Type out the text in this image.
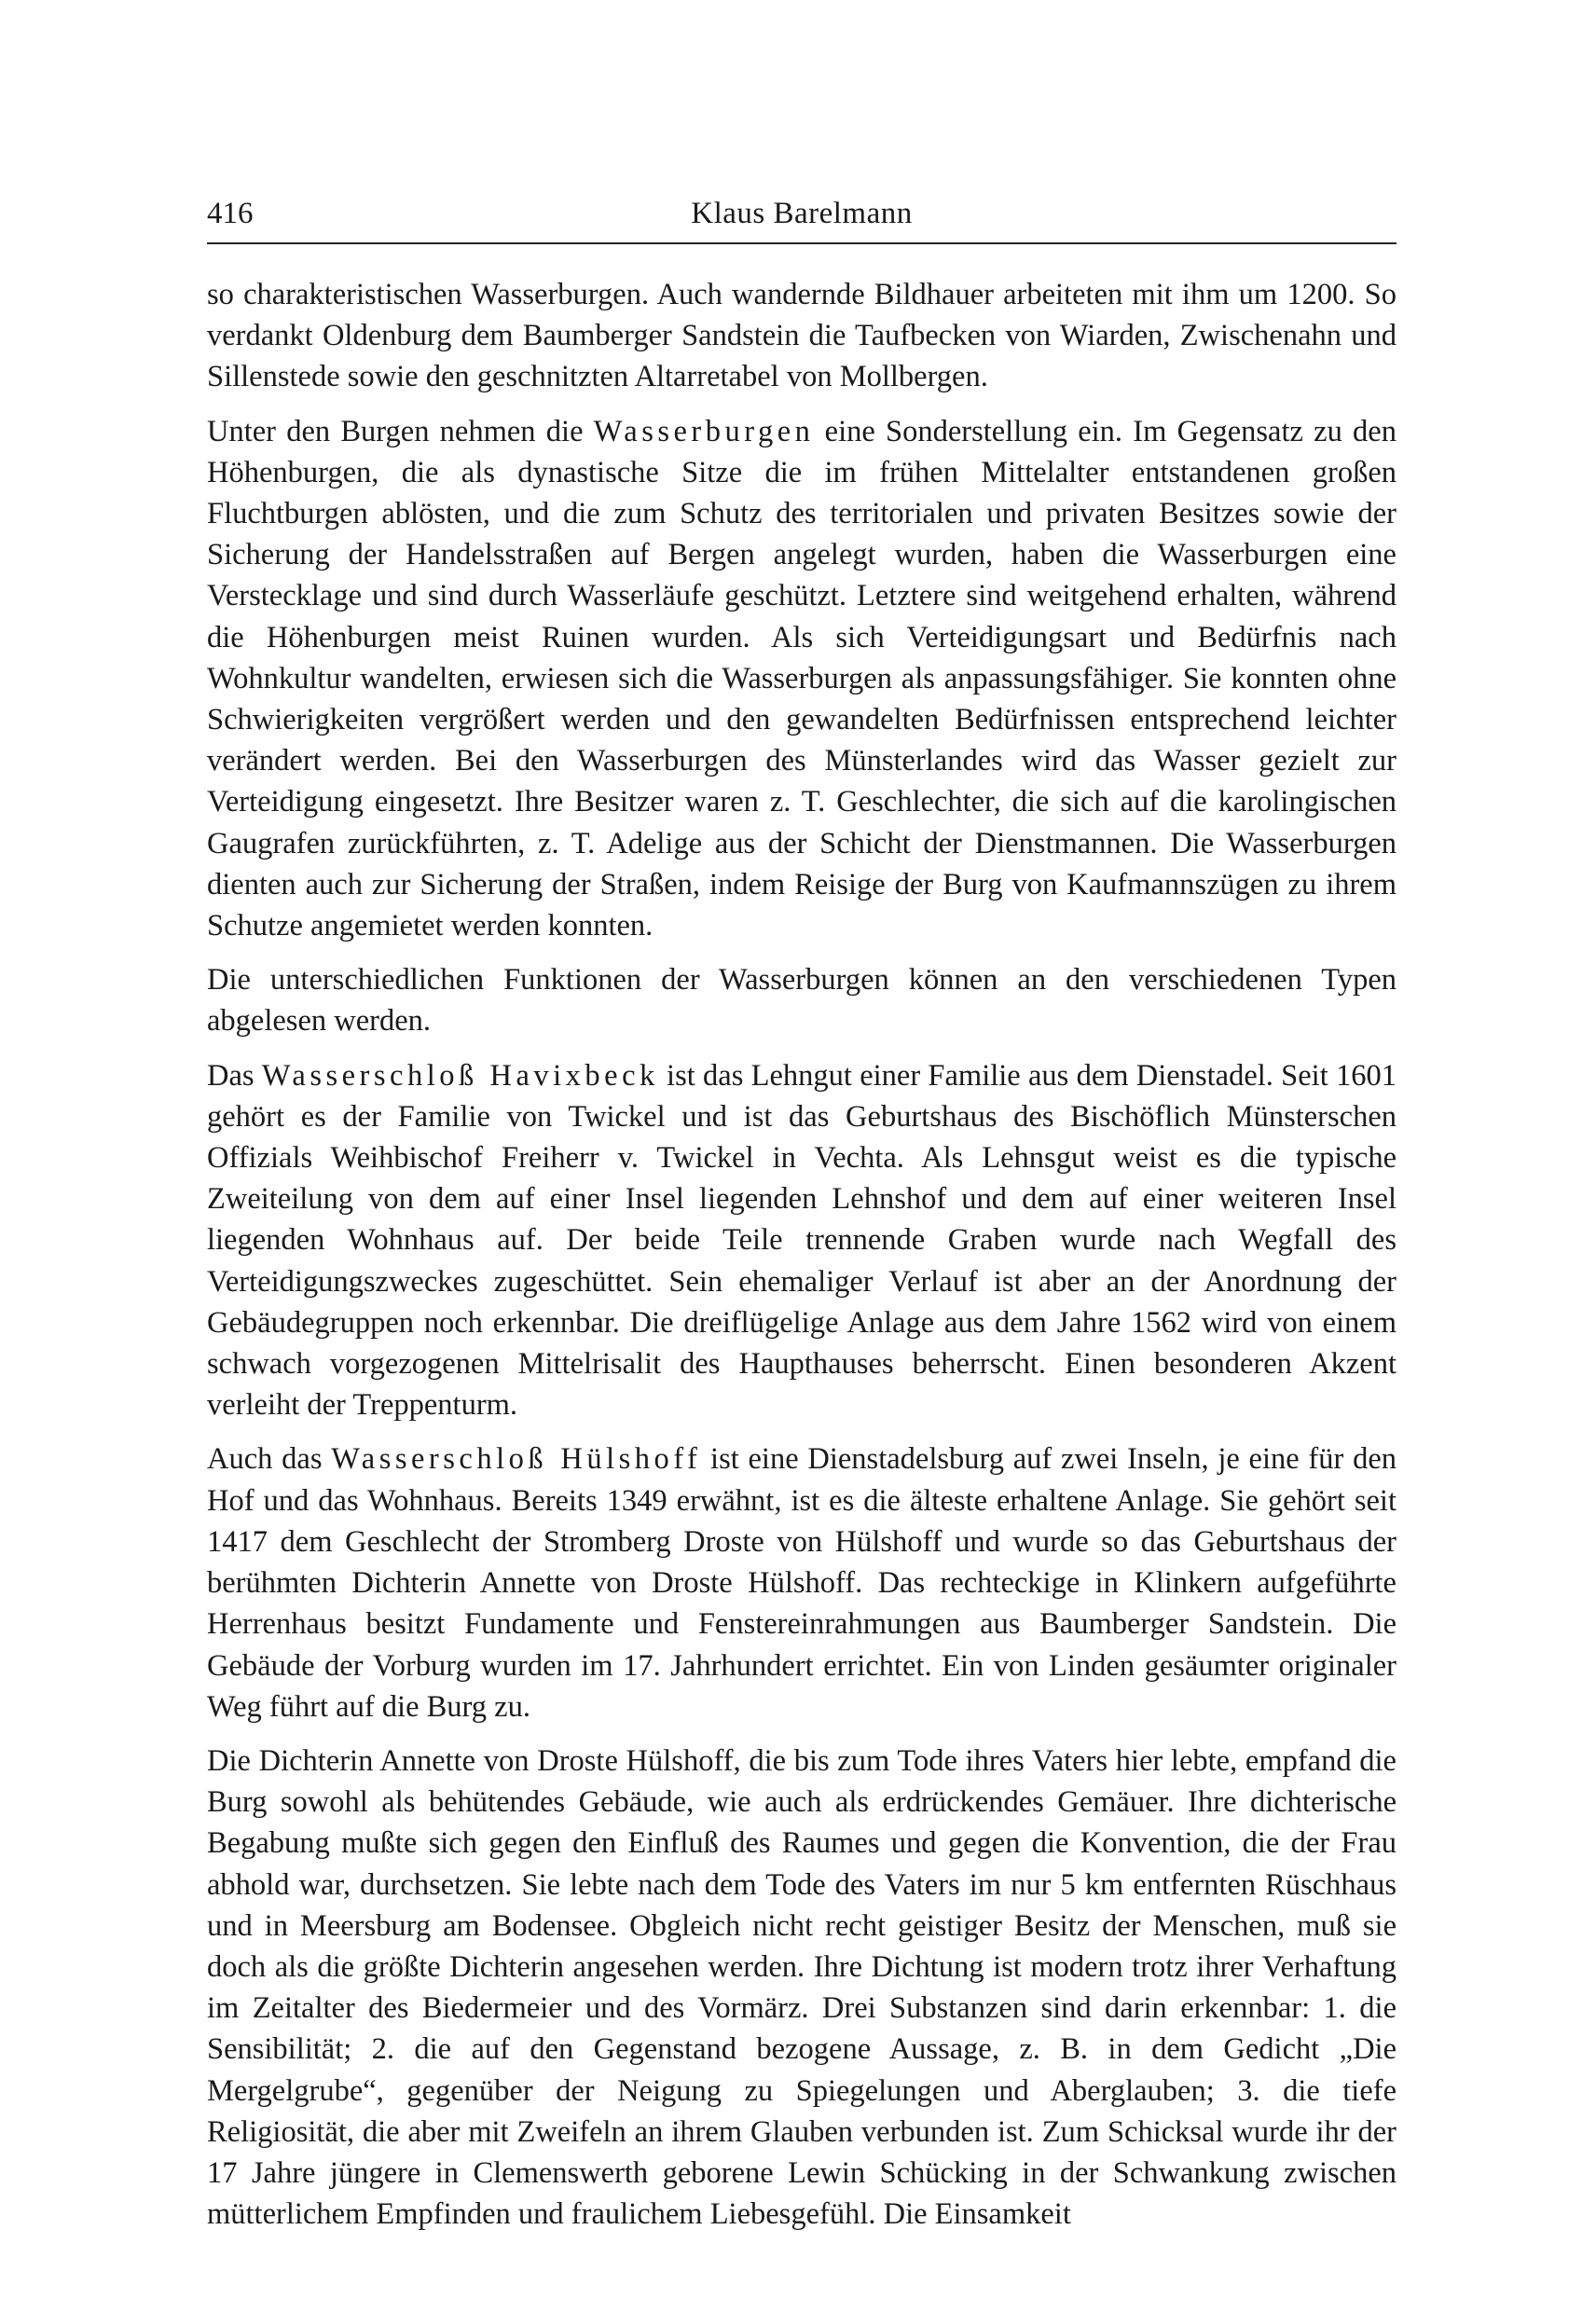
416	Klaus Barelmann

so charakteristischen Wasserburgen. Auch wandernde Bildhauer arbeiteten mit ihm um 1200. So verdankt Oldenburg dem Baumberger Sandstein die Taufbecken von Wiarden, Zwischenahn und Sillenstede sowie den geschnitzten Altarretabel von Mollbergen.

Unter den Burgen nehmen die Wasserburgen eine Sonderstellung ein. Im Gegensatz zu den Höhenburgen, die als dynastische Sitze die im frühen Mittelalter entstandenen großen Fluchtburgen ablösten, und die zum Schutz des territorialen und privaten Besitzes sowie der Sicherung der Handelsstraßen auf Bergen angelegt wurden, haben die Wasserburgen eine Verstecklage und sind durch Wasserläufe geschützt. Letztere sind weitgehend erhalten, während die Höhenburgen meist Ruinen wurden. Als sich Verteidigungsart und Bedürfnis nach Wohnkultur wandelten, erwiesen sich die Wasserburgen als anpassungsfähiger. Sie konnten ohne Schwierigkeiten vergrößert werden und den gewandelten Bedürfnissen entsprechend leichter verändert werden. Bei den Wasserburgen des Münsterlandes wird das Wasser gezielt zur Verteidigung eingesetzt. Ihre Besitzer waren z. T. Geschlechter, die sich auf die karolingischen Gaugrafen zurückführten, z. T. Adelige aus der Schicht der Dienstmannen. Die Wasserburgen dienten auch zur Sicherung der Straßen, indem Reisige der Burg von Kaufmannszügen zu ihrem Schutze angemietet werden konnten.

Die unterschiedlichen Funktionen der Wasserburgen können an den verschiedenen Typen abgelesen werden.

Das Wasserschloß Havixbeck ist das Lehngut einer Familie aus dem Dienstadel. Seit 1601 gehört es der Familie von Twickel und ist das Geburtshaus des Bischöflich Münsterschen Offizials Weihbischof Freiherr v. Twickel in Vechta. Als Lehnsgut weist es die typische Zweiteilung von dem auf einer Insel liegenden Lehnshof und dem auf einer weiteren Insel liegenden Wohnhaus auf. Der beide Teile trennende Graben wurde nach Wegfall des Verteidigungszweckes zugeschüttet. Sein ehemaliger Verlauf ist aber an der Anordnung der Gebäudegruppen noch erkennbar. Die dreiflügelige Anlage aus dem Jahre 1562 wird von einem schwach vorgezogenen Mittelrisalit des Haupthauses beherrscht. Einen besonderen Akzent verleiht der Treppenturm.

Auch das Wasserschloß Hülshoff ist eine Dienstadelsburg auf zwei Inseln, je eine für den Hof und das Wohnhaus. Bereits 1349 erwähnt, ist es die älteste erhaltene Anlage. Sie gehört seit 1417 dem Geschlecht der Stromberg Droste von Hülshoff und wurde so das Geburtshaus der berühmten Dichterin Annette von Droste Hülshoff. Das rechteckige in Klinkern aufgeführte Herrenhaus besitzt Fundamente und Fenstereinrahmungen aus Baumberger Sandstein. Die Gebäude der Vorburg wurden im 17. Jahrhundert errichtet. Ein von Linden gesäumter originaler Weg führt auf die Burg zu.

Die Dichterin Annette von Droste Hülshoff, die bis zum Tode ihres Vaters hier lebte, empfand die Burg sowohl als behütendes Gebäude, wie auch als erdrückendes Gemäuer. Ihre dichterische Begabung mußte sich gegen den Einfluß des Raumes und gegen die Konvention, die der Frau abhold war, durchsetzen. Sie lebte nach dem Tode des Vaters im nur 5 km entfernten Rüschhaus und in Meersburg am Bodensee. Obgleich nicht recht geistiger Besitz der Menschen, muß sie doch als die größte Dichterin angesehen werden. Ihre Dichtung ist modern trotz ihrer Verhaftung im Zeitalter des Biedermeier und des Vormärz. Drei Substanzen sind darin erkennbar: 1. die Sensibilität; 2. die auf den Gegenstand bezogene Aussage, z. B. in dem Gedicht „Die Mergelgrube“, gegenüber der Neigung zu Spiegelungen und Aberglauben; 3. die tiefe Religiosität, die aber mit Zweifeln an ihrem Glauben verbunden ist. Zum Schicksal wurde ihr der 17 Jahre jüngere in Clemenswerth geborene Lewin Schücking in der Schwankung zwischen mütterlichem Empfinden und fraulichem Liebesgefühl. Die Einsamkeit
